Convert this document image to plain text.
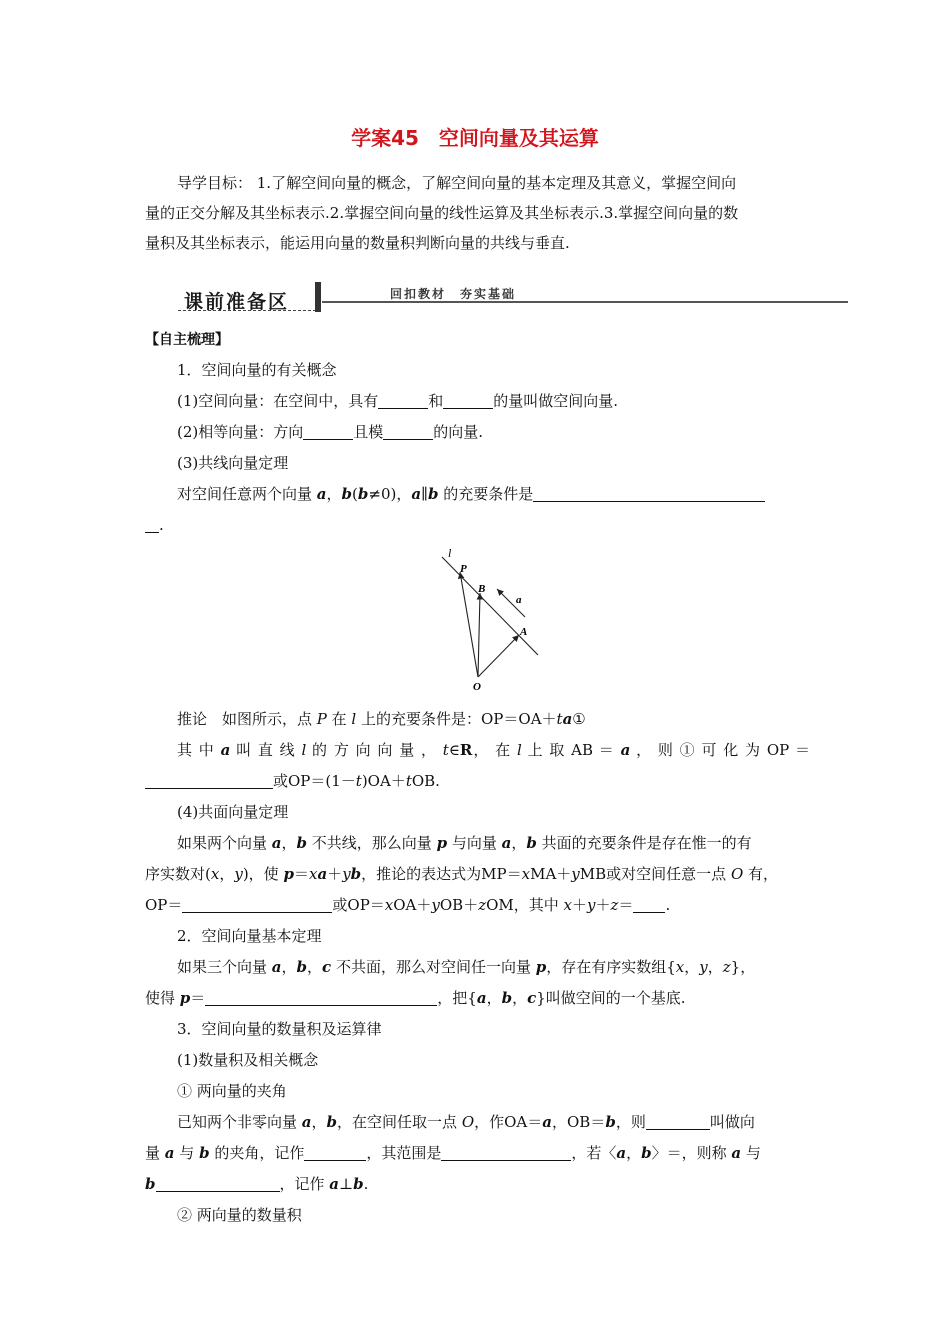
学案45　空间向量及其运算
导学目标： 1.了解空间向量的概念，了解空间向量的基本定理及其意义，掌握空间向
量的正交分解及其坐标表示.2.掌握空间向量的线性运算及其坐标表示.3.掌握空间向量的数
量积及其坐标表示，能运用向量的数量积判断向量的共线与垂直.
课前准备区	回扣教材　夯实基础
【自主梳理】
1．空间向量的有关概念
(1)空间向量：在空间中，具有	和	的量叫做空间向量.
(2)相等向量：方向	且模	的向量.
(3)共线向量定理
对空间任意两个向量 a，b(b≠0)，a∥b 的充要条件是
.
l
P
B
a
A
O
推论　如图所示，点 P 在 l 上的充要条件是：OP＝OA＋ta①
其 中 a 叫 直 线 l 的 方 向 向 量 ， t∈R， 在 l 上 取 AB ＝ a ， 则 ① 可 化 为 OP ＝
或OP＝(1－t)OA＋tOB.
(4)共面向量定理
如果两个向量 a，b 不共线，那么向量 p 与向量 a，b 共面的充要条件是存在惟一的有
序实数对(x，y)，使 p＝xa＋yb，推论的表达式为MP＝xMA＋yMB或对空间任意一点 O 有，
OP＝	或OP＝xOA＋yOB＋zOM，其中 x＋y＋z＝ .
2．空间向量基本定理
如果三个向量 a，b，c 不共面，那么对空间任一向量 p，存在有序实数组{x，y，z}，
使得 p＝	，把{a，b，c}叫做空间的一个基底.
3．空间向量的数量积及运算律
(1)数量积及相关概念
① 两向量的夹角
已知两个非零向量 a，b，在空间任取一点 O，作OA＝a，OB＝b，则	叫做向
量 a 与 b 的夹角，记作	，其范围是	，若〈a，b〉＝，则称 a 与
b	，记作 a⊥b.
② 两向量的数量积
